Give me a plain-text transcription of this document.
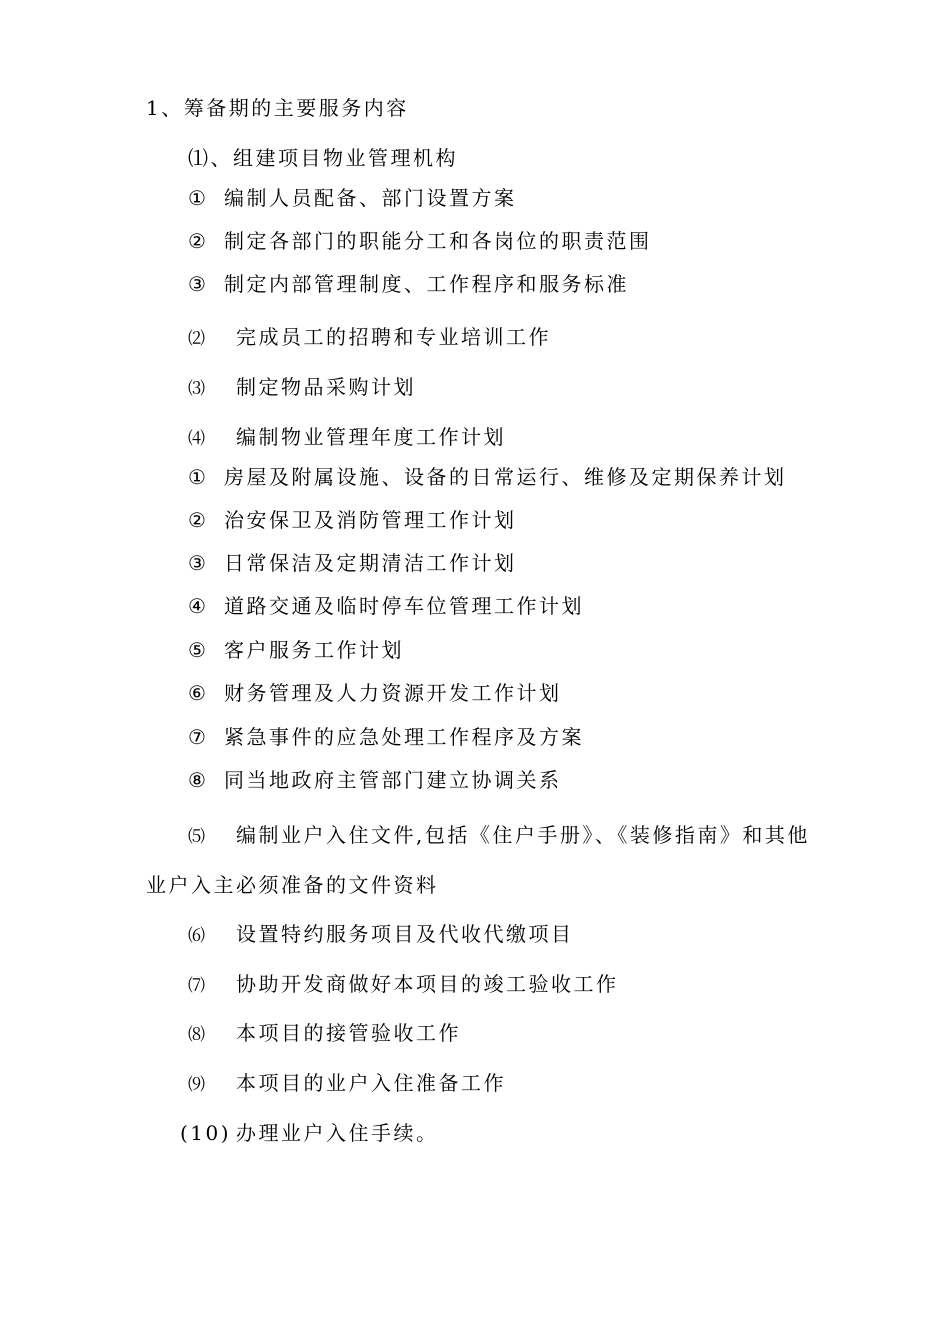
1、筹备期的主要服务内容
⑴、组建项目物业管理机构
① 编制人员配备、部门设置方案
② 制定各部门的职能分工和各岗位的职责范围
③ 制定内部管理制度、工作程序和服务标准
⑵ 完成员工的招聘和专业培训工作
⑶ 制定物品采购计划
⑷ 编制物业管理年度工作计划
① 房屋及附属设施、设备的日常运行、维修及定期保养计划
② 治安保卫及消防管理工作计划
③ 日常保洁及定期清洁工作计划
④ 道路交通及临时停车位管理工作计划
⑤ 客户服务工作计划
⑥ 财务管理及人力资源开发工作计划
⑦ 紧急事件的应急处理工作程序及方案
⑧ 同当地政府主管部门建立协调关系
⑸ 编制业户入住文件,包括《住户手册》、《装修指南》和其他
业户入主必须准备的文件资料
⑹ 设置特约服务项目及代收代缴项目
⑺ 协助开发商做好本项目的竣工验收工作
⑻ 本项目的接管验收工作
⑼ 本项目的业户入住准备工作
(10) 办理业户入住手续。
